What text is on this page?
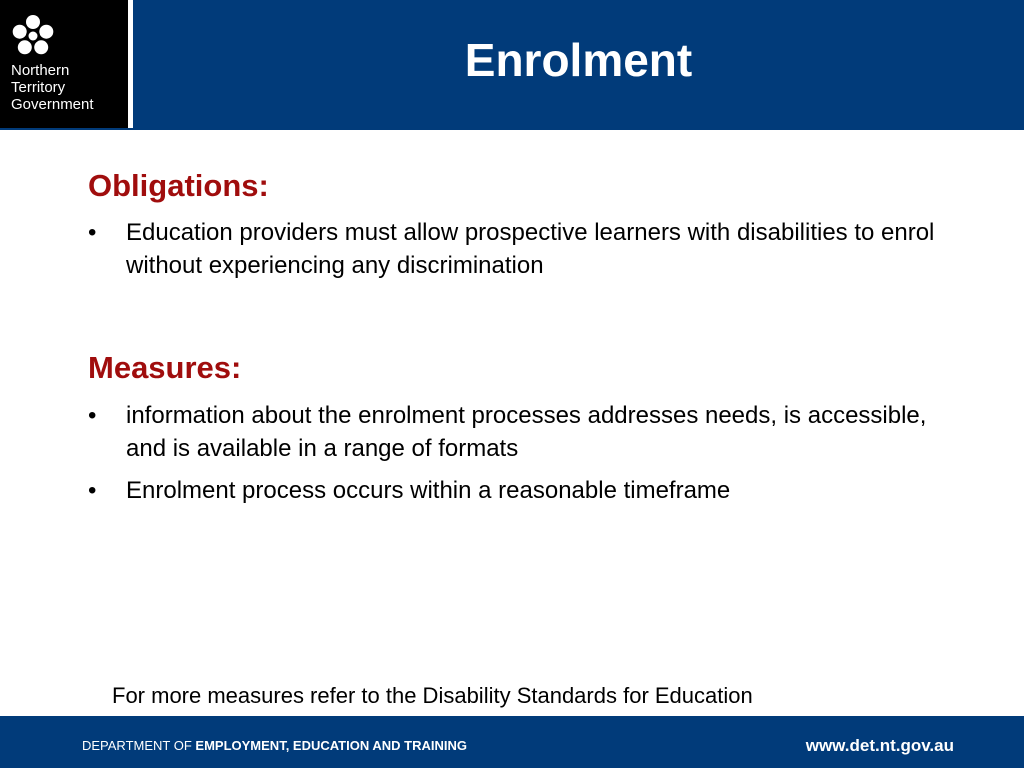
Northern
Territory
Government
Enrolment
Obligations:
• Education providers must allow prospective learners with disabilities to enrol without experiencing any discrimination
Measures:
• information about the enrolment processes addresses needs, is accessible, and is available in a range of formats
• Enrolment process occurs within a reasonable timeframe
For more measures refer to the Disability Standards for Education
DEPARTMENT OF EMPLOYMENT, EDUCATION AND TRAINING	www.det.nt.gov.au
